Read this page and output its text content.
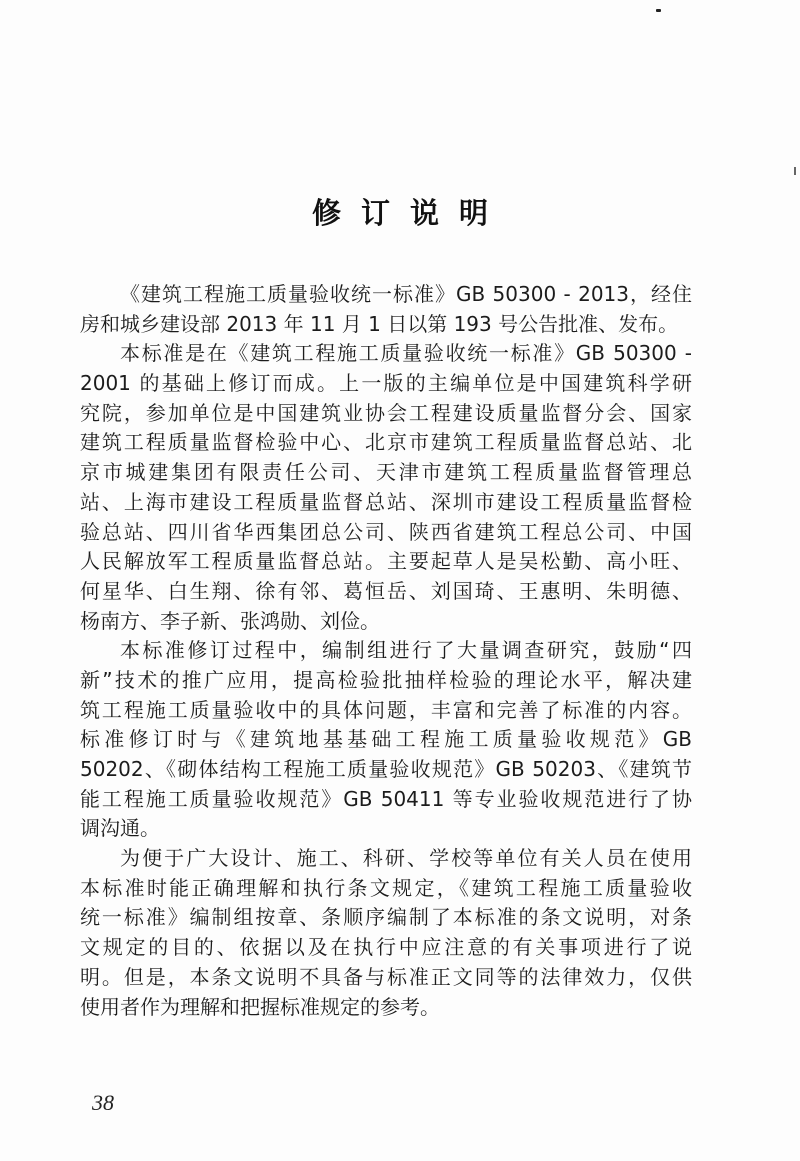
修订说明
《建筑工程施工质量验收统一标准》GB 50300 - 2013，经住
房和城乡建设部 2013 年 11 月 1 日以第 193 号公告批准、发布。
本标准是在《建筑工程施工质量验收统一标准》GB 50300 -
2001 的基础上修订而成。上一版的主编单位是中国建筑科学研
究院，参加单位是中国建筑业协会工程建设质量监督分会、国家
建筑工程质量监督检验中心、北京市建筑工程质量监督总站、北
京市城建集团有限责任公司、天津市建筑工程质量监督管理总
站、上海市建设工程质量监督总站、深圳市建设工程质量监督检
验总站、四川省华西集团总公司、陕西省建筑工程总公司、中国
人民解放军工程质量监督总站。主要起草人是吴松勤、高小旺、
何星华、白生翔、徐有邻、葛恒岳、刘国琦、王惠明、朱明德、
杨南方、李子新、张鸿勋、刘俭。
本标准修订过程中，编制组进行了大量调查研究，鼓励“四
新”技术的推广应用，提高检验批抽样检验的理论水平，解决建
筑工程施工质量验收中的具体问题，丰富和完善了标准的内容。
标准修订时与《建筑地基基础工程施工质量验收规范》GB
50202、《砌体结构工程施工质量验收规范》GB 50203、《建筑节
能工程施工质量验收规范》GB 50411 等专业验收规范进行了协
调沟通。
为便于广大设计、施工、科研、学校等单位有关人员在使用
本标准时能正确理解和执行条文规定，《建筑工程施工质量验收
统一标准》编制组按章、条顺序编制了本标准的条文说明，对条
文规定的目的、依据以及在执行中应注意的有关事项进行了说
明。但是，本条文说明不具备与标准正文同等的法律效力，仅供
使用者作为理解和把握标准规定的参考。
38
